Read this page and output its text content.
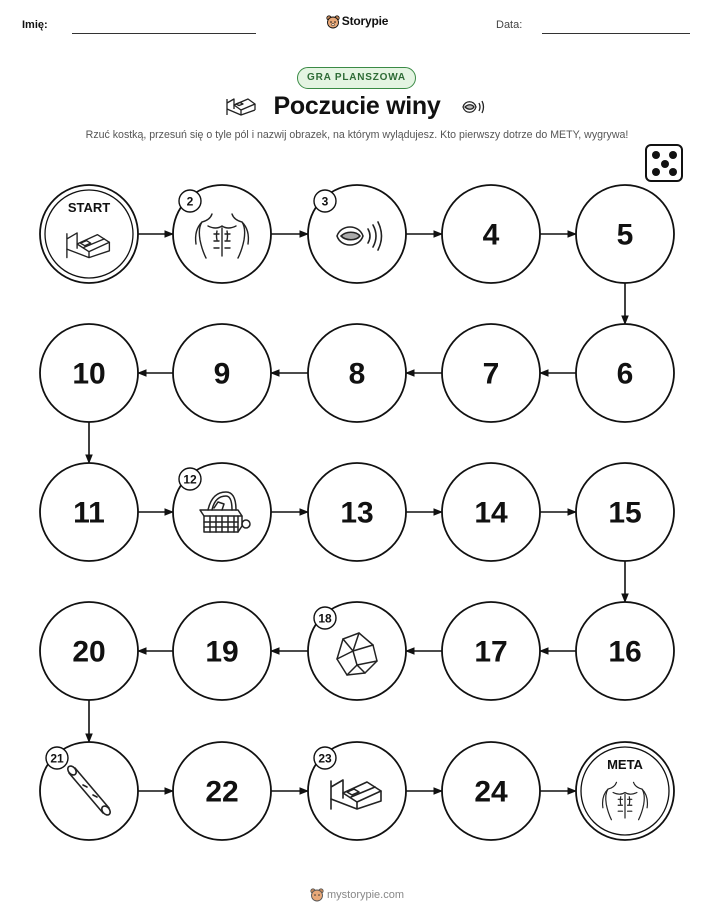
Imię:	Storypie	Data:
GRA PLANSZOWA
Poczucie winy
Rzuć kostką, przesuń się o tyle pól i nazwij obrazek, na którym wylądujesz. Kto pierwszy dotrze do METY, wygrywa!
START	2	3
4	5
6
7
8
9
10
11
12
13	14	15
16
17
18
19
20
21
22
23
24
META
mystorypie.com
